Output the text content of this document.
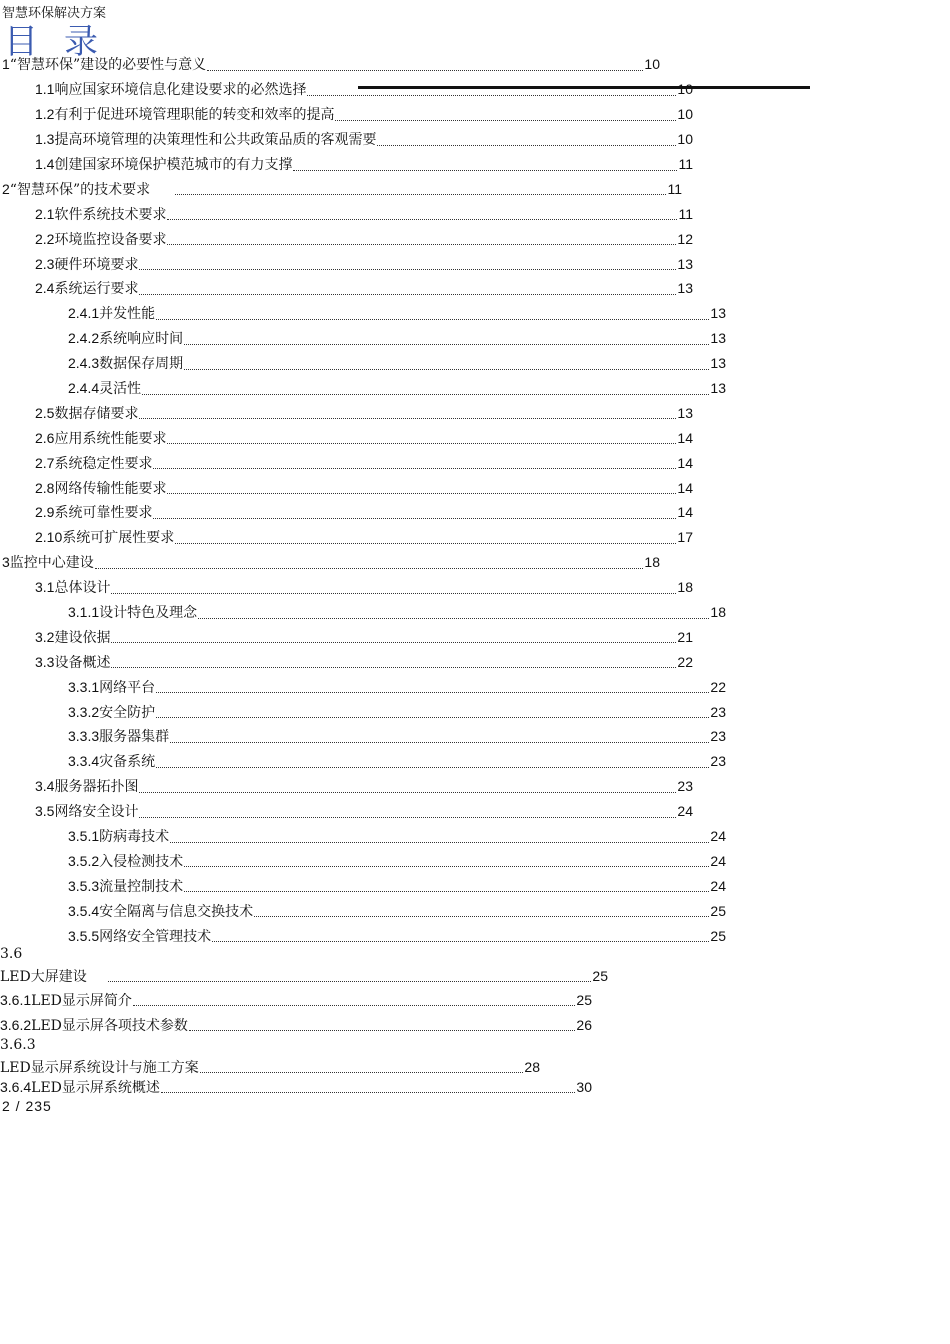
智慧环保解决方案
目录
1 “智慧环保”建设的必要性与意义	10
1.1 响应国家环境信息化建设要求的必然选择	10
1.2 有利于促进环境管理职能的转变和效率的提高	10
1.3 提高环境管理的决策理性和公共政策品质的客观需要	10
1.4 创建国家环境保护模范城市的有力支撑	11
2 “智慧环保”的技术要求	11
2.1 软件系统技术要求	11
2.2 环境监控设备要求	12
2.3 硬件环境要求	13
2.4 系统运行要求	13
2.4.1 并发性能	13
2.4.2 系统响应时间	13
2.4.3 数据保存周期	13
2.4.4 灵活性	13
2.5 数据存储要求	13
2.6 应用系统性能要求	14
2.7 系统稳定性要求	14
2.8 网络传输性能要求	14
2.9 系统可靠性要求	14
2.10 系统可扩展性要求	17
3 监控中心建设	18
3.1 总体设计	18
3.1.1 设计特色及理念	18
3.2 建设依据	21
3.3 设备概述	22
3.3.1 网络平台	22
3.3.2 安全防护	23
3.3.3 服务器集群	23
3.3.4 灾备系统	23
3.4 服务器拓扑图	23
3.5 网络安全设计	24
3.5.1 防病毒技术	24
3.5.2 入侵检测技术	24
3.5.3 流量控制技术	24
3.5.4 安全隔离与信息交换技术	25
3.5.5 网络安全管理技术	25
3.6
LED大屏建设	25
3.6.1 LED显示屏简介	25
3.6.2 LED显示屏各项技术参数	26
3.6.3
LED显示屏系统设计与施工方案	28
3.6.4 LED显示屏系统概述	30
2 / 235
